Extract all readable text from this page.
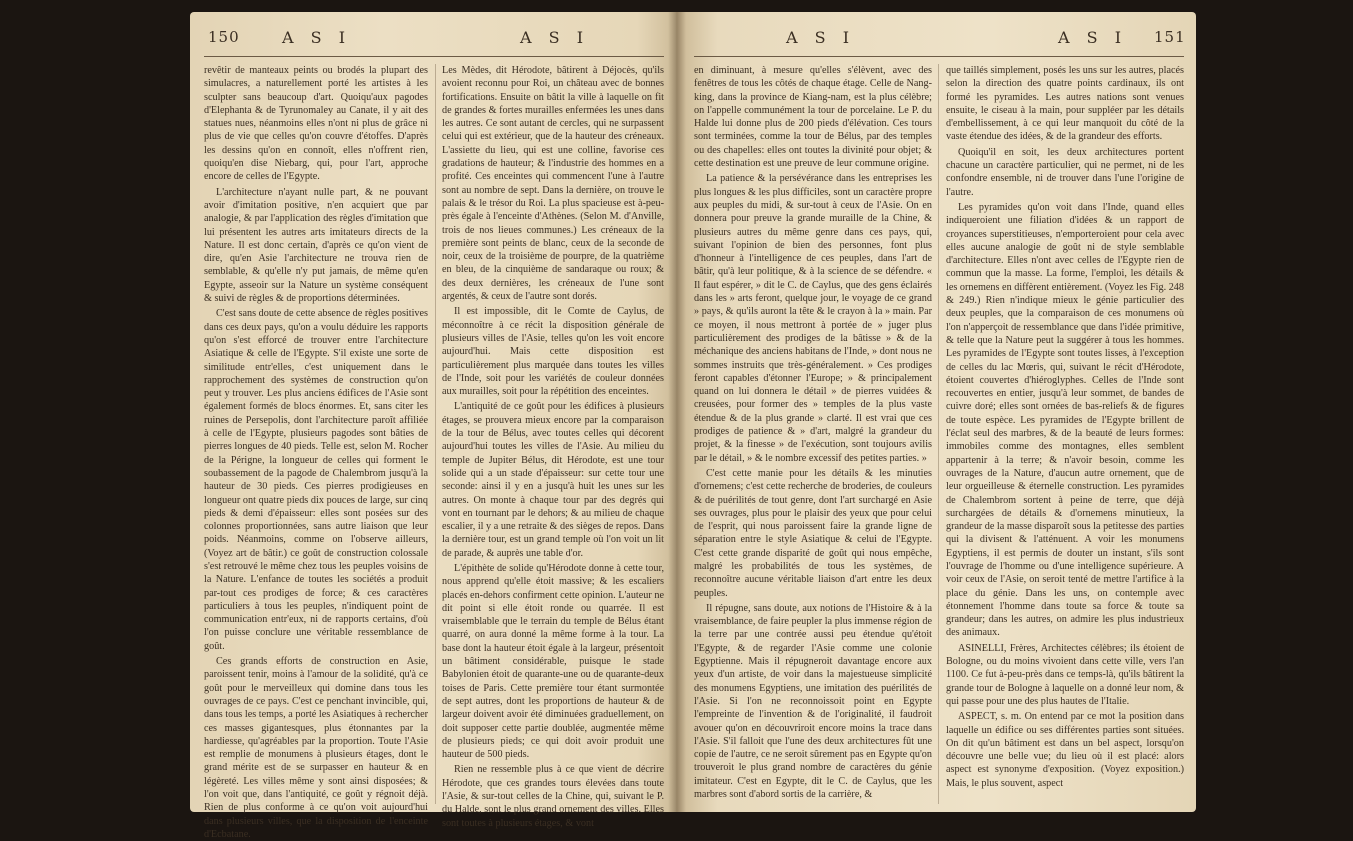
150	A S I	A S I

revêtir de manteaux peints ou brodés la plupart des simulacres, a naturellement porté les artistes à les sculpter sans beaucoup d'art. Quoiqu'aux pagodes d'Elephanta & de Tyrunomaley au Canate, il y ait des statues nues, néanmoins elles n'ont ni plus de grâce ni plus de vie que celles qu'on couvre d'étoffes. D'après les dessins qu'on en connoît, elles n'offrent rien, quoiqu'en dise Niebarg, qui, pour l'art, approche encore de celles de l'Egypte.

L'architecture n'ayant nulle part, & ne pouvant avoir d'imitation positive, n'en acquiert que par analogie, & par l'application des règles d'imitation que lui présentent les autres arts imitateurs directs de la Nature. Il est donc certain, d'après ce qu'on vient de dire, qu'en Asie l'architecture ne trouva rien de semblable, & qu'elle n'y put jamais, de même qu'en Egypte, asseoir sur la Nature un système conséquent & suivi de règles & de proportions déterminées.

C'est sans doute de cette absence de règles positives dans ces deux pays, qu'on a voulu déduire les rapports qu'on s'est efforcé de trouver entre l'architecture Asiatique & celle de l'Egypte. S'il existe une sorte de similitude entr'elles, c'est uniquement dans le rapprochement des systèmes de construction qu'on peut y trouver. Les plus anciens édifices de l'Asie sont également formés de blocs énormes. Et, sans citer les ruines de Persepolis, dont l'architecture paroît affiliée à celle de l'Egypte, plusieurs pagodes sont bâties de pierres longues de 40 pieds. Telle est, selon M. Rocher de la Périgne, la longueur de celles qui forment le soubassement de la pagode de Chalembrom jusqu'à la hauteur de 30 pieds. Ces pierres prodigieuses en longueur ont quatre pieds dix pouces de large, sur cinq pieds & demi d'épaisseur: elles sont posées sur des colonnes proportionnées, sans autre liaison que leur poids. Néanmoins, comme on l'observe ailleurs, (Voyez art de bâtir.) ce goût de construction colossale s'est retrouvé le même chez tous les peuples voisins de la Nature. L'enfance de toutes les sociétés a produit par-tout ces prodiges de force; & ces caractères particuliers à tous les peuples, n'indiquent point de communication entr'eux, ni de rapports certains, d'où l'on puisse conclure une véritable ressemblance de goût.

Ces grands efforts de construction en Asie, paroissent tenir, moins à l'amour de la solidité, qu'à ce goût pour le merveilleux qui domine dans tous les ouvrages de ce pays. C'est ce penchant invincible, qui, dans tous les temps, a porté les Asiatiques à rechercher ces masses gigantesques, plus étonnantes par la hardiesse, qu'agréables par la proportion. Toute l'Asie est remplie de monumens à plusieurs étages, dont le grand mérite est de se surpasser en hauteur & en légèreté. Les villes même y sont ainsi disposées; & l'on voit que, dans l'antiquité, ce goût y régnoit déjà. Rien de plus conforme à ce qu'on voit aujourd'hui dans plusieurs villes, que la disposition de l'enceinte d'Ecbatane.

Les Mèdes, dit Hérodote, bâtirent à Déjocès, qu'ils avoient reconnu pour Roi, un château avec de bonnes fortifications. Ensuite on bâtit la ville à laquelle on fit de grandes & fortes murailles enfermées les unes dans les autres. Ce sont autant de cercles, qui ne surpassent celui qui est extérieur, que de la hauteur des créneaux. L'assiette du lieu, qui est une colline, favorise ces gradations de hauteur; & l'industrie des hommes en a profité. Ces enceintes qui commencent l'une à l'autre sont au nombre de sept. Dans la dernière, on trouve le palais & le trésor du Roi. La plus spacieuse est à-peu-près égale à l'enceinte d'Athènes. (Selon M. d'Anville, trois de nos lieues communes.) Les créneaux de la première sont peints de blanc, ceux de la seconde de noir, ceux de la troisième de pourpre, de la quatrième en bleu, de la cinquième de sandaraque ou roux; & des deux dernières, les créneaux de l'une sont argentés, & ceux de l'autre sont dorés.

Il est impossible, dit le Comte de Caylus, de méconnoître à ce récit la disposition générale de plusieurs villes de l'Asie, telles qu'on les voit encore aujourd'hui. Mais cette disposition est particulièrement plus marquée dans toutes les villes de l'Inde, soit pour les variétés de couleur données aux murailles, soit pour la répétition des enceintes.

L'antiquité de ce goût pour les édifices à plusieurs étages, se prouvera mieux encore par la comparaison de la tour de Bélus, avec toutes celles qui décorent aujourd'hui toutes les villes de l'Asie. Au milieu du temple de Jupiter Bélus, dit Hérodote, est une tour solide qui a un stade d'épaisseur: sur cette tour une seconde: ainsi il y en a jusqu'à huit les unes sur les autres. On monte à chaque tour par des degrés qui vont en tournant par le dehors; & au milieu de chaque escalier, il y a une retraite & des sièges de repos. Dans la dernière tour, est un grand temple où l'on voit un lit de parade, & auprès une table d'or.

L'épithète de solide qu'Hérodote donne à cette tour, nous apprend qu'elle étoit massive; & les escaliers placés en-dehors confirment cette opinion. L'auteur ne dit point si elle étoit ronde ou quarrée. Il est vraisemblable que le terrain du temple de Bélus étant quarré, on aura donné la même forme à la tour. La base dont la hauteur étoit égale à la largeur, présentoit un bâtiment considérable, puisque le stade Babylonien étoit de quarante-une ou de quarante-deux toises de Paris. Cette première tour étant surmontée de sept autres, dont les proportions de hauteur & de largeur doivent avoir été diminuées graduellement, on doit supposer cette partie doublée, augmentée même de plusieurs pieds; ce qui doit avoir produit une hauteur de 500 pieds.

Rien ne ressemble plus à ce que vient de décrire Hérodote, que ces grandes tours élevées dans toute l'Asie, & sur-tout celles de la Chine, qui, suivant le P. du Halde, sont le plus grand ornement des villes. Elles sont toutes à plusieurs étages, & vont

A S I	A S I 151

en diminuant, à mesure qu'elles s'élèvent, avec des fenêtres de tous les côtés de chaque étage. Celle de Nang-king, dans la province de Kiang-nam, est la plus célèbre; on l'appelle communément la tour de porcelaine. Le P. du Halde lui donne plus de 200 pieds d'élévation. Ces tours sont terminées, comme la tour de Bélus, par des temples ou des chapelles: elles ont toutes la divinité pour objet; & cette destination est une preuve de leur commune origine.

La patience & la persévérance dans les entreprises les plus longues & les plus difficiles, sont un caractère propre aux peuples du midi, & sur-tout à ceux de l'Asie. On en donnera pour preuve la grande muraille de la Chine, & plusieurs autres du même genre dans ces pays, qui, suivant l'opinion de bien des personnes, font plus d'honneur à l'intelligence de ces peuples, dans l'art de bâtir, qu'à leur politique, & à la science de se défendre. « Il faut espérer, » dit le C. de Caylus, que des gens éclairés dans les » arts feront, quelque jour, le voyage de ce grand » pays, & qu'ils auront la tête & le crayon à la » main. Par ce moyen, il nous mettront à portée de » juger plus particulièrement des prodiges de la bâtisse » & de la méchanique des anciens habitans de l'Inde, » dont nous ne sommes instruits que très-généralement. » Ces prodiges feront capables d'étonner l'Europe; » & principalement quand on lui donnera le détail » de pierres vuidées & creusées, pour former des » temples de la plus vaste étendue & de la plus grande » clarté. Il est vrai que ces prodiges de patience & » d'art, malgré la grandeur du projet, & la finesse » de l'exécution, sont toujours avilis par le détail, » & le nombre excessif des petites parties. »

C'est cette manie pour les détails & les minuties d'ornemens; c'est cette recherche de broderies, de couleurs & de puérilités de tout genre, dont l'art surchargé en Asie ses ouvrages, plus pour le plaisir des yeux que pour celui de l'esprit, qui nous paroissent faire la grande ligne de séparation entre le style Asiatique & celui de l'Egypte. C'est cette grande disparité de goût qui nous empêche, malgré les probabilités de tous les systèmes, de reconnoître aucune véritable liaison d'art entre les deux peuples.

Il répugne, sans doute, aux notions de l'Histoire & à la vraisemblance, de faire peupler la plus immense région de la terre par une contrée aussi peu étendue qu'étoit l'Egypte, & de regarder l'Asie comme une colonie Egyptienne. Mais il répugneroit davantage encore aux yeux d'un artiste, de voir dans la majestueuse simplicité des monumens Egyptiens, une imitation des puérilités de l'Asie. Si l'on ne reconnoissoit point en Egypte l'empreinte de l'invention & de l'originalité, il faudroit avouer qu'on en découvriroit encore moins la trace dans l'Asie. S'il falloit que l'une des deux architectures fût une copie de l'autre, ce ne seroit sûrement pas en Egypte qu'on trouveroit le plus grand nombre de caractères du génie imitateur. C'est en Egypte, dit le C. de Caylus, que les marbres sont d'abord sortis de la carrière, &

que taillés simplement, posés les uns sur les autres, placés selon la direction des quatre points cardinaux, ils ont formé les pyramides. Les autres nations sont venues ensuite, le ciseau à la main, pour suppléer par les détails d'embellissement, à ce qui leur manquoit du côté de la vaste étendue des idées, & de la grandeur des efforts.

Quoiqu'il en soit, les deux architectures portent chacune un caractère particulier, qui ne permet, ni de les confondre ensemble, ni de trouver dans l'une l'origine de l'autre.

Les pyramides qu'on voit dans l'Inde, quand elles indiqueroient une filiation d'idées & un rapport de croyances superstitieuses, n'emporteroient pour cela avec elles aucune analogie de goût ni de style semblable d'architecture. Elles n'ont avec celles de l'Egypte rien de commun que la masse. La forme, l'emploi, les détails & les ornemens en diffèrent entièrement. (Voyez les Fig. 248 & 249.) Rien n'indique mieux le génie particulier des deux peuples, que la comparaison de ces monumens où l'on n'apperçoit de ressemblance que dans l'idée primitive, & telle que la Nature peut la suggérer à tous les hommes. Les pyramides de l'Egypte sont toutes lisses, à l'exception de celles du lac Mœris, qui, suivant le récit d'Hérodote, étoient couvertes d'hiéroglyphes. Celles de l'Inde sont recouvertes en entier, jusqu'à leur sommet, de bandes de cuivre doré; elles sont ornées de bas-reliefs & de figures de toute espèce. Les pyramides de l'Egypte brillent de l'éclat seul des marbres, & de la beauté de leurs formes: immobiles comme des montagnes, elles semblent appartenir à la terre; & n'avoir besoin, comme les ouvrages de la Nature, d'aucun autre ornement, que de leur orgueilleuse & éternelle construction. Les pyramides de Chalembrom sortent à peine de terre, que déjà surchargées de détails & d'ornemens minutieux, la grandeur de la masse disparoît sous la petitesse des parties qui la divisent & l'atténuent. A voir les monumens Egyptiens, il est permis de douter un instant, s'ils sont l'ouvrage de l'homme ou d'une intelligence supérieure. A voir ceux de l'Asie, on seroit tenté de mettre l'artifice à la place du génie. Dans les uns, on contemple avec étonnement l'homme dans toute sa force & toute sa grandeur; dans les autres, on admire les plus industrieux des animaux.

ASINELLI, Frères, Architectes célèbres; ils étoient de Bologne, ou du moins vivoient dans cette ville, vers l'an 1100. Ce fut à-peu-près dans ce temps-là, qu'ils bâtirent la grande tour de Bologne à laquelle on a donné leur nom, & qui passe pour une des plus hautes de l'Italie.

ASPECT, s. m. On entend par ce mot la position dans laquelle un édifice ou ses différentes parties sont situées. On dit qu'un bâtiment est dans un bel aspect, lorsqu'on découvre une belle vue; du lieu où il est placé: alors aspect est synonyme d'exposition. (Voyez exposition.) Mais, le plus souvent, aspect
